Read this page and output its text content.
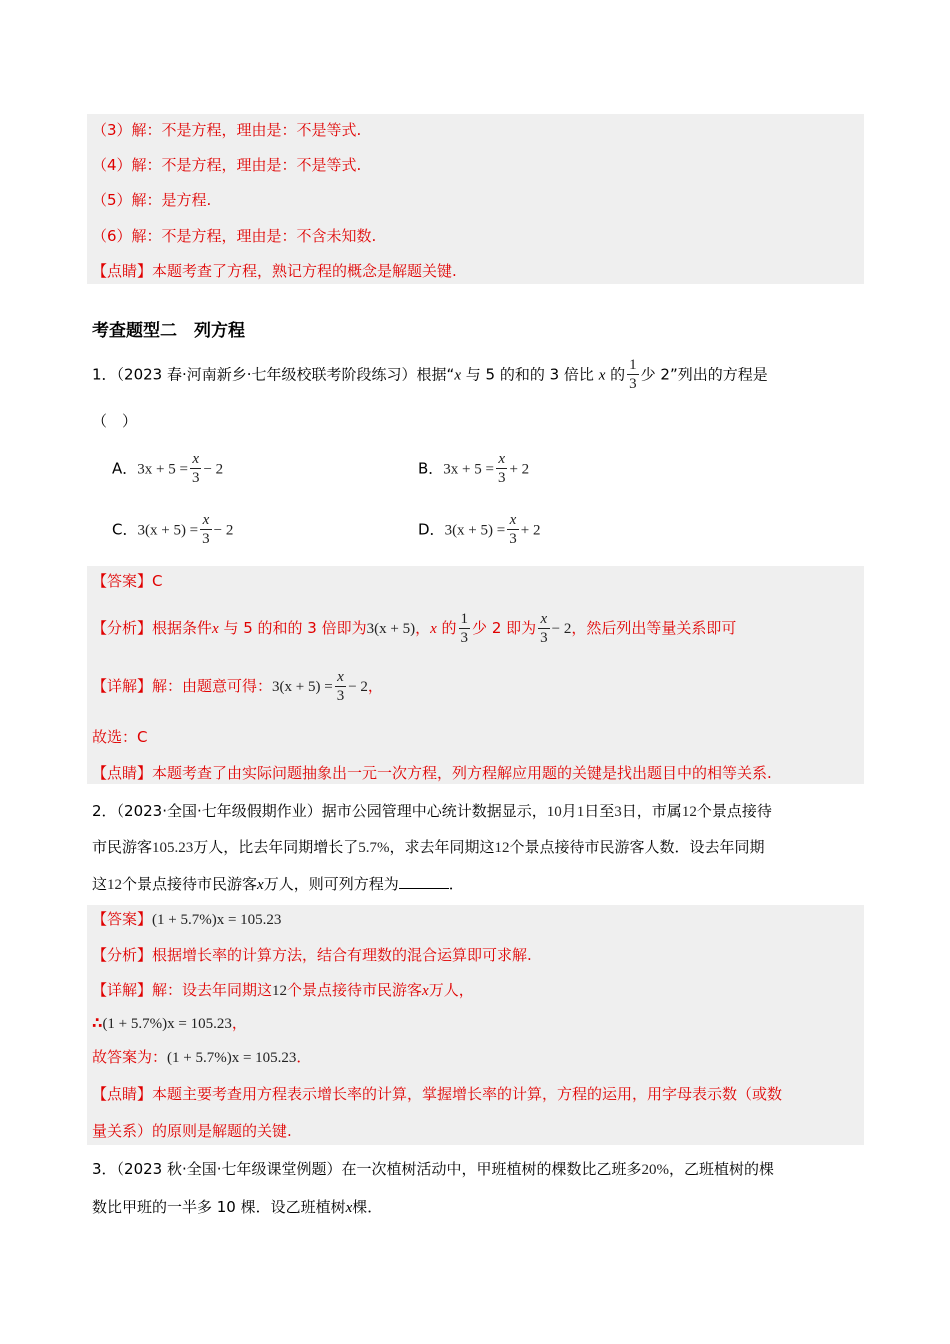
（3）解：不是方程，理由是：不是等式.
（4）解：不是方程，理由是：不是等式.
（5）解：是方程.
（6）解：不是方程，理由是：不含未知数.
【点睛】本题考查了方程，熟记方程的概念是解题关键.
考查题型二　列方程
1．（2023 春·河南新乡·七年级校联考阶段练习）根据“x 与 5 的和的 3 倍比 x 的 $\frac{1}{3}$ 少 2”列出的方程是
（　）
A．$3x + 5 = \frac{x}{3} - 2$	B．$3x + 5 = \frac{x}{3} + 2$
C．$3(x + 5) = \frac{x}{3} - 2$	D．$3(x + 5) = \frac{x}{3} + 2$
【答案】C
【分析】根据条件x 与 5 的和的 3 倍即为3(x + 5)，x 的 $\frac{1}{3}$ 少 2 即为 $\frac{x}{3} - 2$，然后列出等量关系即可
【详解】解：由题意可得：$3(x + 5) = \frac{x}{3} - 2$，
故选：C
【点睛】本题考查了由实际问题抽象出一元一次方程，列方程解应用题的关键是找出题目中的相等关系.
2．（2023·全国·七年级假期作业）据市公园管理中心统计数据显示，10月1日至3日，市属12个景点接待
市民游客105.23万人，比去年同期增长了5.7%，求去年同期这12个景点接待市民游客人数．设去年同期
这12个景点接待市民游客x万人，则可列方程为	．
【答案】(1 + 5.7%)x = 105.23
【分析】根据增长率的计算方法，结合有理数的混合运算即可求解.
【详解】解：设去年同期这12个景点接待市民游客x万人，
∴(1 + 5.7%)x = 105.23，
故答案为：(1 + 5.7%)x = 105.23．
【点睛】本题主要考查用方程表示增长率的计算，掌握增长率的计算，方程的运用，用字母表示数（或数
量关系）的原则是解题的关键.
3．（2023 秋·全国·七年级课堂例题）在一次植树活动中，甲班植树的棵数比乙班多20%，乙班植树的棵
数比甲班的一半多 10 棵．设乙班植树x棵．
